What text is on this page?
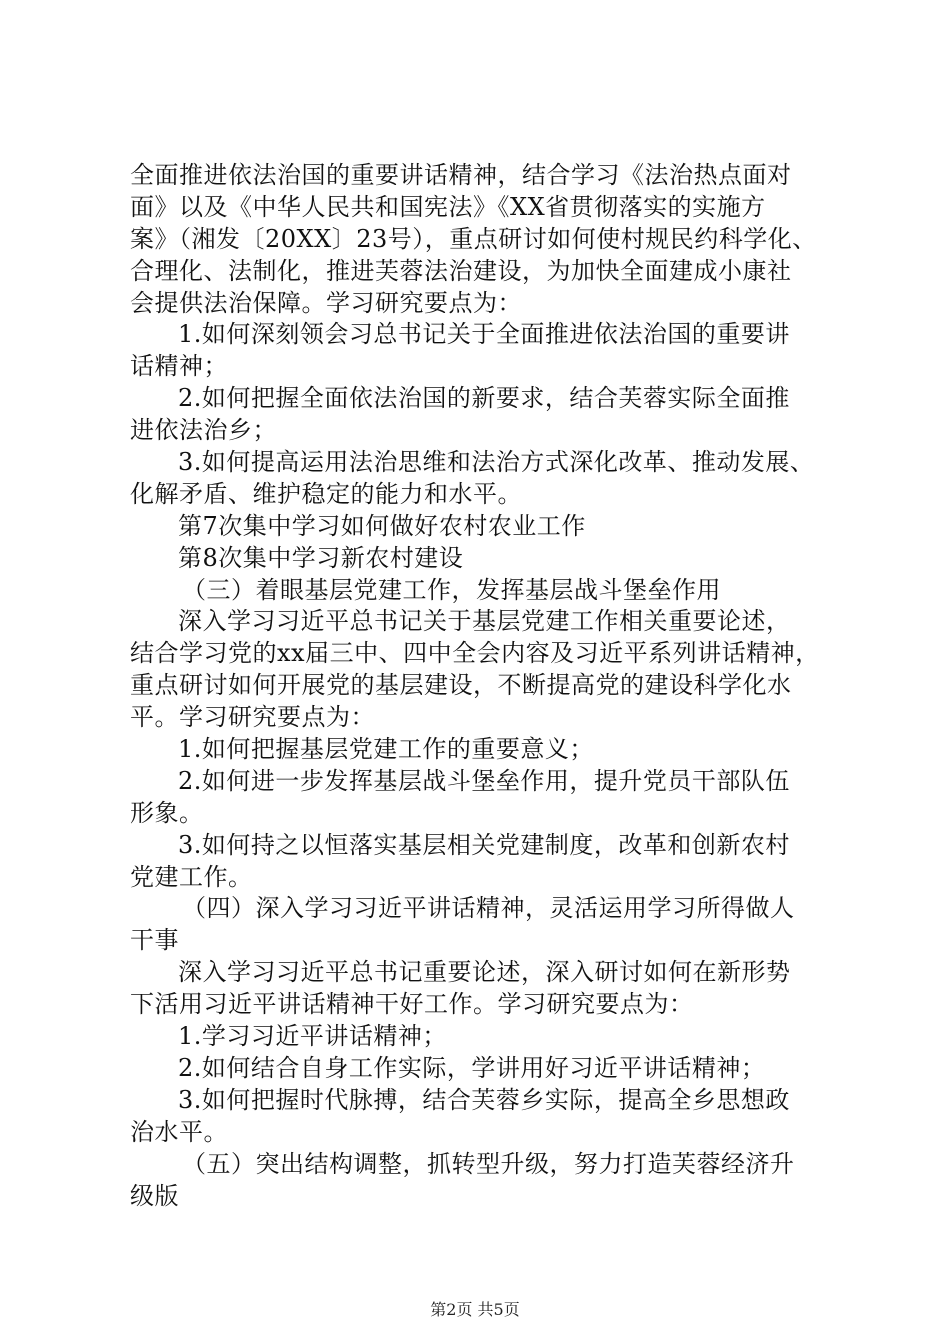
全面推进依法治国的重要讲话精神，结合学习《法治热点面对
面》以及《中华人民共和国宪法》《XX省贯彻落实的实施方
案》（湘发〔20XX〕23号），重点研讨如何使村规民约科学化、
合理化、法制化，推进芙蓉法治建设，为加快全面建成小康社
会提供法治保障。学习研究要点为：
1.如何深刻领会习总书记关于全面推进依法治国的重要讲
话精神；
2.如何把握全面依法治国的新要求，结合芙蓉实际全面推
进依法治乡；
3.如何提高运用法治思维和法治方式深化改革、推动发展、
化解矛盾、维护稳定的能力和水平。
第7次集中学习如何做好农村农业工作
第8次集中学习新农村建设
（三）着眼基层党建工作，发挥基层战斗堡垒作用
深入学习习近平总书记关于基层党建工作相关重要论述，
结合学习党的xx届三中、四中全会内容及习近平系列讲话精神，
重点研讨如何开展党的基层建设，不断提高党的建设科学化水
平。学习研究要点为：
1.如何把握基层党建工作的重要意义；
2.如何进一步发挥基层战斗堡垒作用，提升党员干部队伍
形象。
3.如何持之以恒落实基层相关党建制度，改革和创新农村
党建工作。
（四）深入学习习近平讲话精神，灵活运用学习所得做人
干事
深入学习习近平总书记重要论述，深入研讨如何在新形势
下活用习近平讲话精神干好工作。学习研究要点为：
1.学习习近平讲话精神；
2.如何结合自身工作实际，学讲用好习近平讲话精神；
3.如何把握时代脉搏，结合芙蓉乡实际，提高全乡思想政
治水平。
（五）突出结构调整，抓转型升级，努力打造芙蓉经济升
级版
第2页 共5页
